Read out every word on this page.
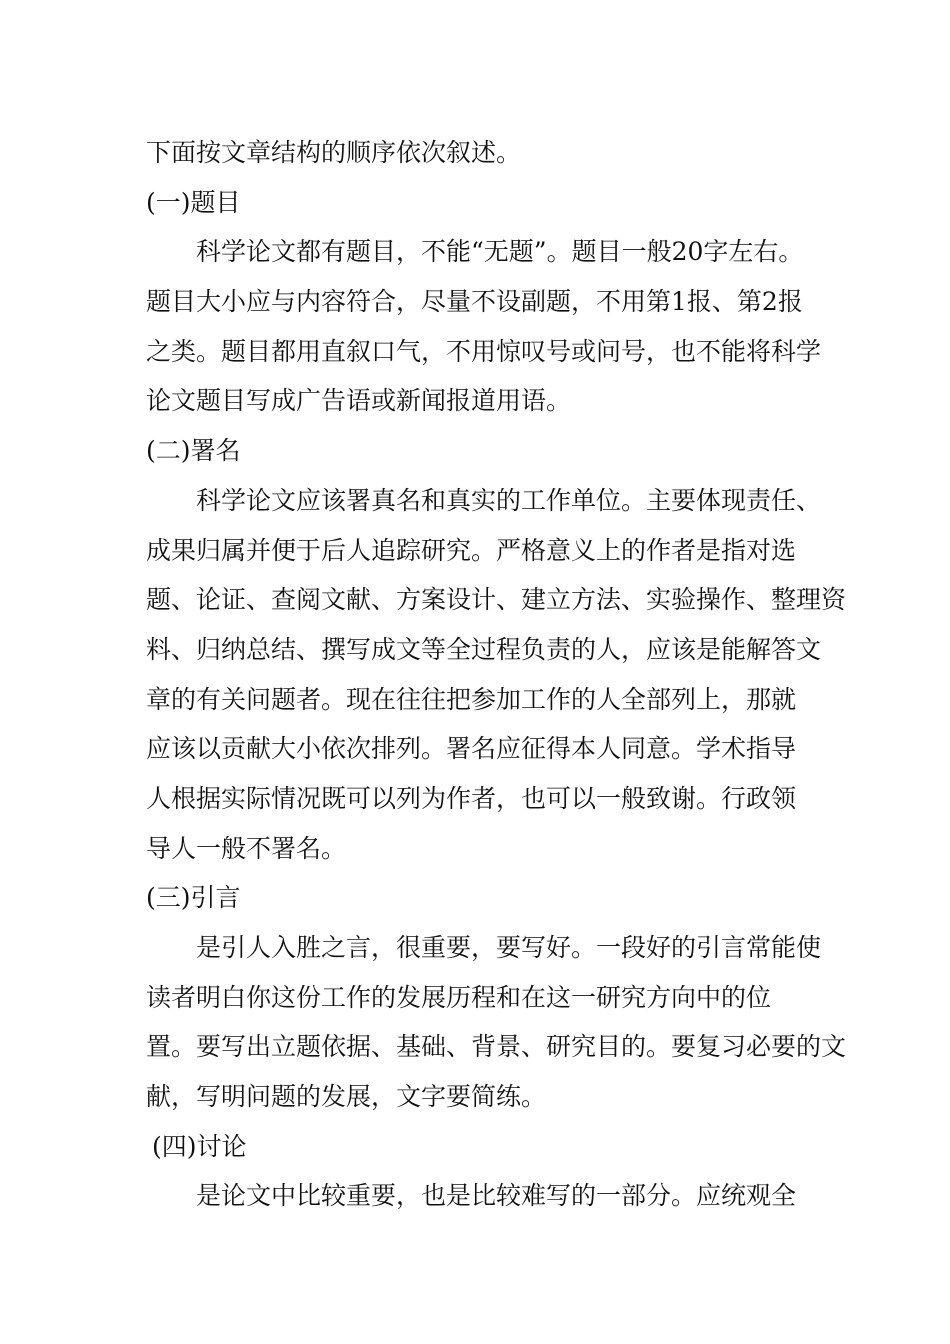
下面按文章结构的顺序依次叙述。
(一)题目
科学论文都有题目，不能“无题”。题目一般20字左右。
题目大小应与内容符合，尽量不设副题，不用第1报、第2报
之类。题目都用直叙口气，不用惊叹号或问号，也不能将科学
论文题目写成广告语或新闻报道用语。
(二)署名
科学论文应该署真名和真实的工作单位。主要体现责任、
成果归属并便于后人追踪研究。严格意义上的作者是指对选
题、论证、查阅文献、方案设计、建立方法、实验操作、整理资
料、归纳总结、撰写成文等全过程负责的人，应该是能解答文
章的有关问题者。现在往往把参加工作的人全部列上，那就
应该以贡献大小依次排列。署名应征得本人同意。学术指导
人根据实际情况既可以列为作者，也可以一般致谢。行政领
导人一般不署名。
(三)引言
是引人入胜之言，很重要，要写好。一段好的引言常能使
读者明白你这份工作的发展历程和在这一研究方向中的位
置。要写出立题依据、基础、背景、研究目的。要复习必要的文
献，写明问题的发展，文字要简练。
(四)讨论
是论文中比较重要，也是比较难写的一部分。应统观全
